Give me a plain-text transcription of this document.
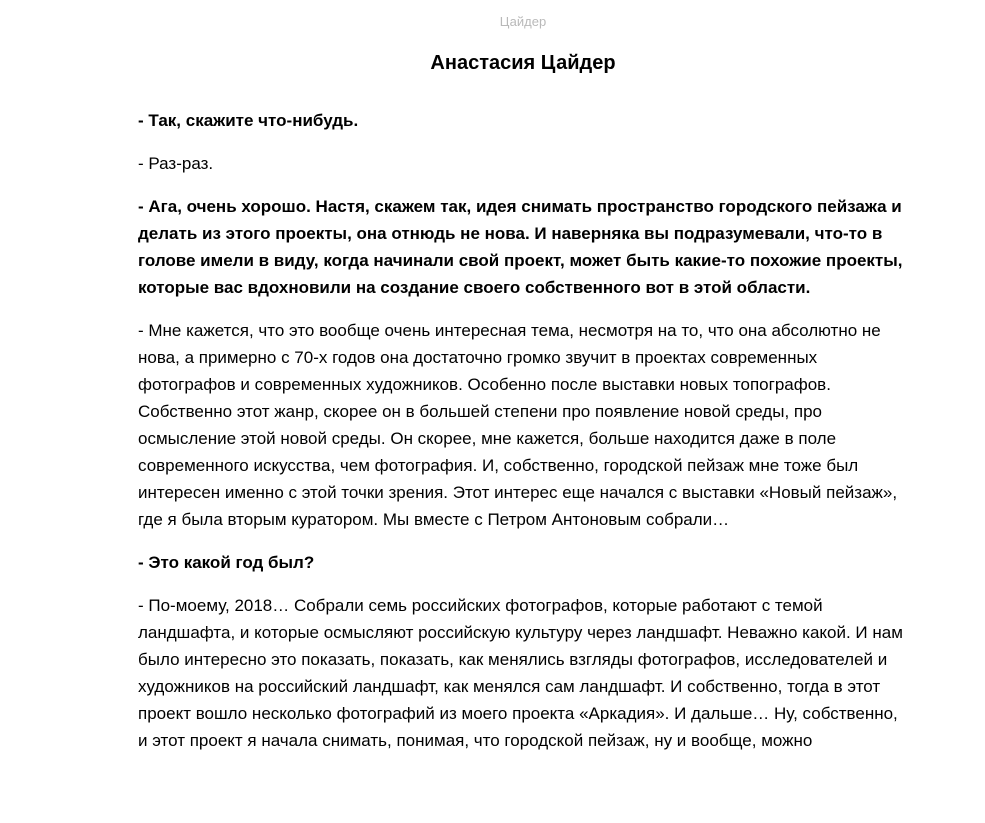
Цайдер
Анастасия Цайдер

- Так, скажите что-нибудь.

- Раз-раз.

- Ага, очень хорошо. Настя, скажем так, идея снимать пространство городского пейзажа и делать из этого проекты, она отнюдь не нова. И наверняка вы подразумевали, что-то в голове имели в виду, когда начинали свой проект, может быть какие-то похожие проекты, которые вас вдохновили на создание своего собственного вот в этой области.

- Мне кажется, что это вообще очень интересная тема, несмотря на то, что она абсолютно не нова, а примерно с 70-х годов она достаточно громко звучит в проектах современных фотографов и современных художников. Особенно после выставки новых топографов. Собственно этот жанр, скорее он в большей степени про появление новой среды, про осмысление этой новой среды. Он скорее, мне кажется, больше находится даже в поле современного искусства, чем фотография. И, собственно, городской пейзаж мне тоже был интересен именно с этой точки зрения. Этот интерес еще начался с выставки «Новый пейзаж», где я была вторым куратором. Мы вместе с Петром Антоновым собрали…

- Это какой год был?

- По-моему, 2018… Собрали семь российских фотографов, которые работают с темой ландшафта, и которые осмысляют российскую культуру через ландшафт. Неважно какой. И нам было интересно это показать, показать, как менялись взгляды фотографов, исследователей и художников на российский ландшафт, как менялся сам ландшафт. И собственно, тогда в этот проект вошло несколько фотографий из моего проекта «Аркадия». И дальше… Ну, собственно, и этот проект я начала снимать, понимая, что городской пейзаж, ну и вообще, можно
